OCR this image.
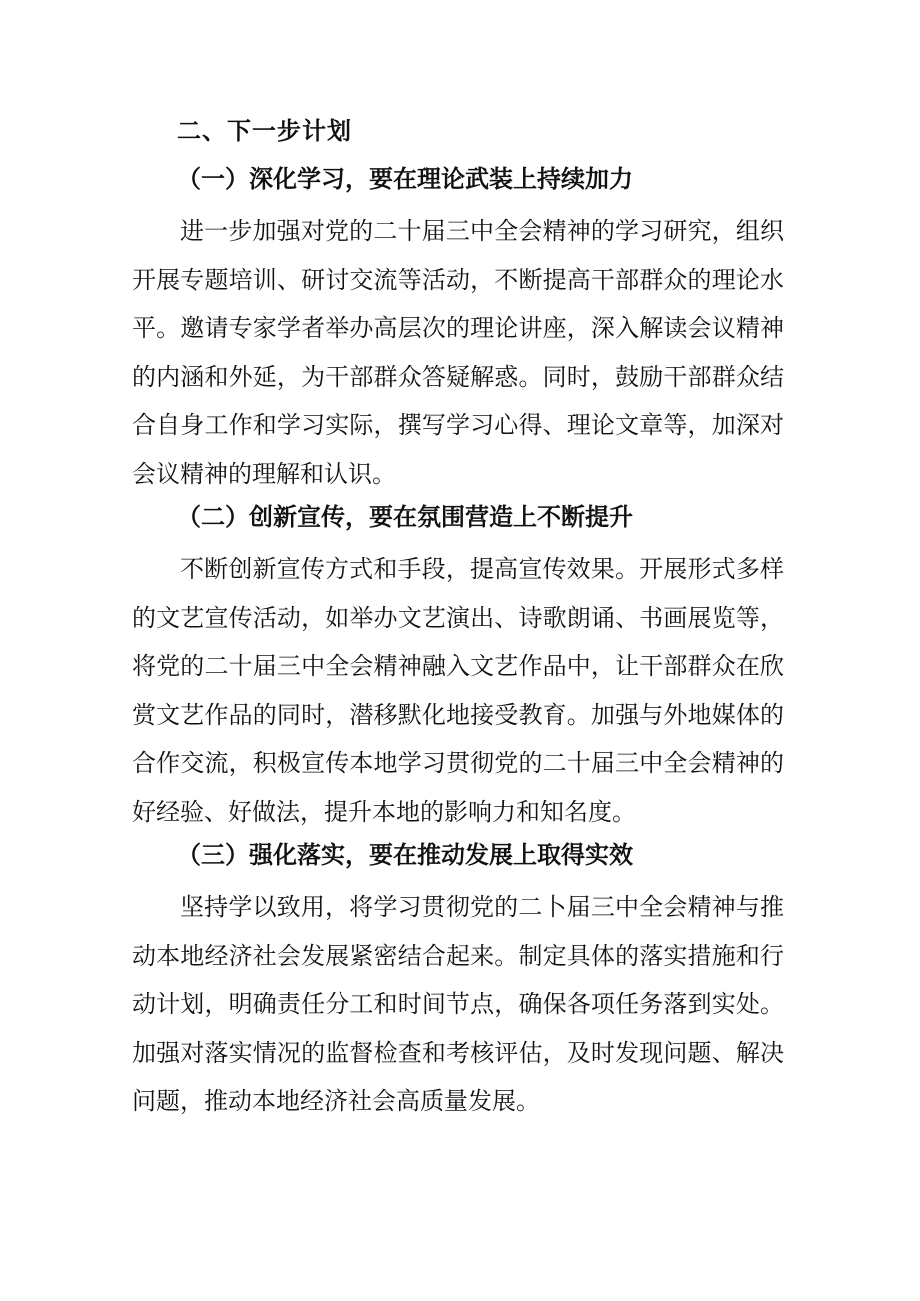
二、下一步计划
（一）深化学习，要在理论武装上持续加力

进一步加强对党的二十届三中全会精神的学习研究，组织开展专题培训、研讨交流等活动，不断提高干部群众的理论水平。邀请专家学者举办高层次的理论讲座，深入解读会议精神的内涵和外延，为干部群众答疑解惑。同时，鼓励干部群众结合自身工作和学习实际，撰写学习心得、理论文章等，加深对会议精神的理解和认识。

（二）创新宣传，要在氛围营造上不断提升

不断创新宣传方式和手段，提高宣传效果。开展形式多样的文艺宣传活动，如举办文艺演出、诗歌朗诵、书画展览等，将党的二十届三中全会精神融入文艺作品中，让干部群众在欣赏文艺作品的同时，潜移默化地接受教育。加强与外地媒体的合作交流，积极宣传本地学习贯彻党的二十届三中全会精神的好经验、好做法，提升本地的影响力和知名度。

（三）强化落实，要在推动发展上取得实效

坚持学以致用，将学习贯彻党的二卜届三中全会精神与推动本地经济社会发展紧密结合起来。制定具体的落实措施和行动计划，明确责任分工和时间节点，确保各项任务落到实处。加强对落实情况的监督检查和考核评估，及时发现问题、解决问题，推动本地经济社会高质量发展。
